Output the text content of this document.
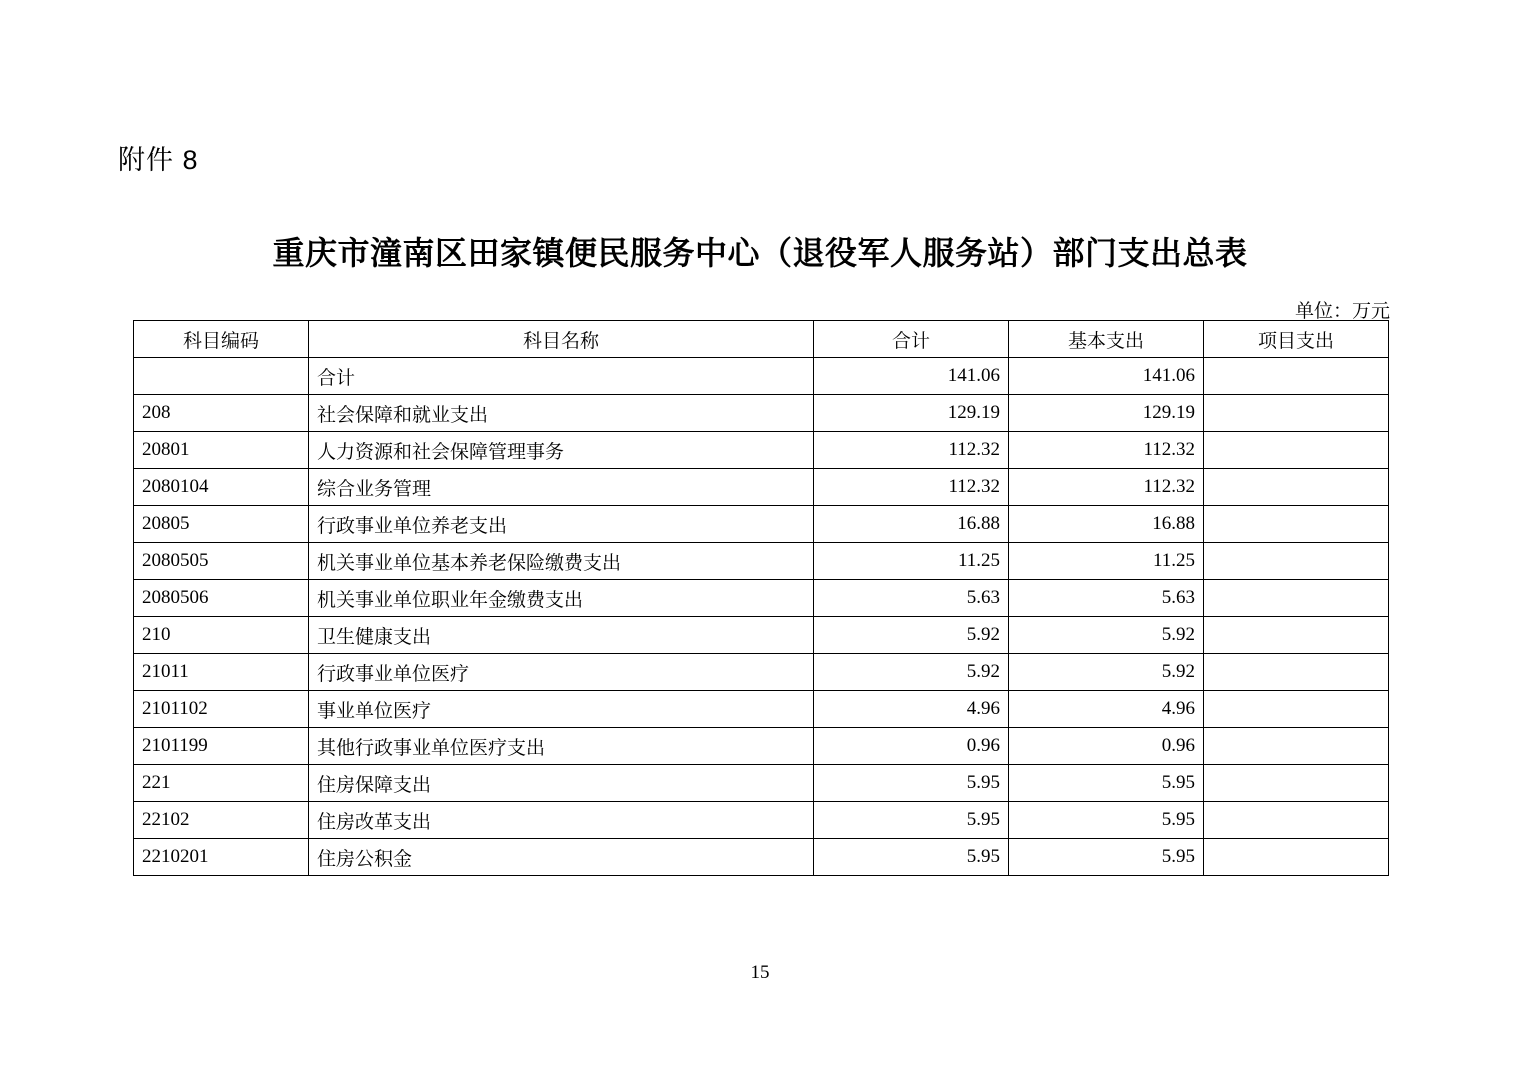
附件 8
重庆市潼南区田家镇便民服务中心（退役军人服务站）部门支出总表
单位：万元
科目编码	科目名称	合计	基本支出	项目支出
	合计	141.06	141.06	
208	社会保障和就业支出	129.19	129.19	
20801	人力资源和社会保障管理事务	112.32	112.32	
2080104	综合业务管理	112.32	112.32	
20805	行政事业单位养老支出	16.88	16.88	
2080505	机关事业单位基本养老保险缴费支出	11.25	11.25	
2080506	机关事业单位职业年金缴费支出	5.63	5.63	
210	卫生健康支出	5.92	5.92	
21011	行政事业单位医疗	5.92	5.92	
2101102	事业单位医疗	4.96	4.96	
2101199	其他行政事业单位医疗支出	0.96	0.96	
221	住房保障支出	5.95	5.95	
22102	住房改革支出	5.95	5.95	
2210201	住房公积金	5.95	5.95	
15
